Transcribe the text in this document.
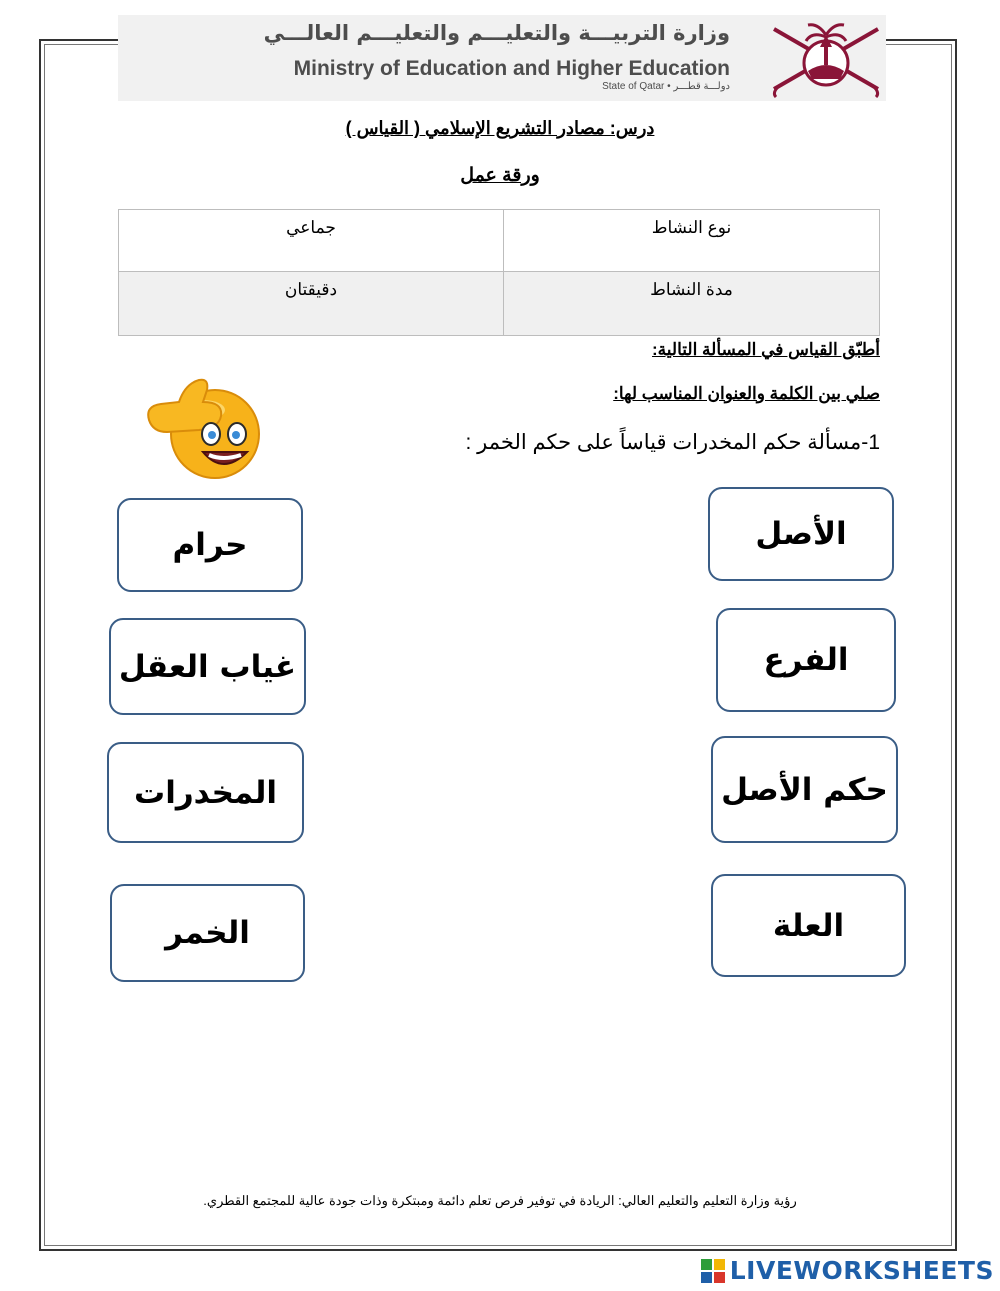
وزارة التربيـــة والتعليـــم والتعليـــم العالـــي
Ministry of Education and Higher Education
State of Qatar • دولـــة قطـــر
درس: مصادر التشريع الإسلامي ( القياس )
ورقة عمل
نوع النشاط	جماعي
مدة النشاط	دقيقتان
أطبّق القياس في المسألة التالية:
صلي بين الكلمة والعنوان المناسب لها:
1-مسألة حكم المخدرات قياساً على حكم الخمر :
الأصل
الفرع
حكم الأصل
العلة
حرام
غياب العقل
المخدرات
الخمر
رؤية وزارة التعليم والتعليم العالي: الريادة في توفير فرص تعلم دائمة ومبتكرة وذات جودة عالية للمجتمع القطري.
LIVEWORKSHEETS
